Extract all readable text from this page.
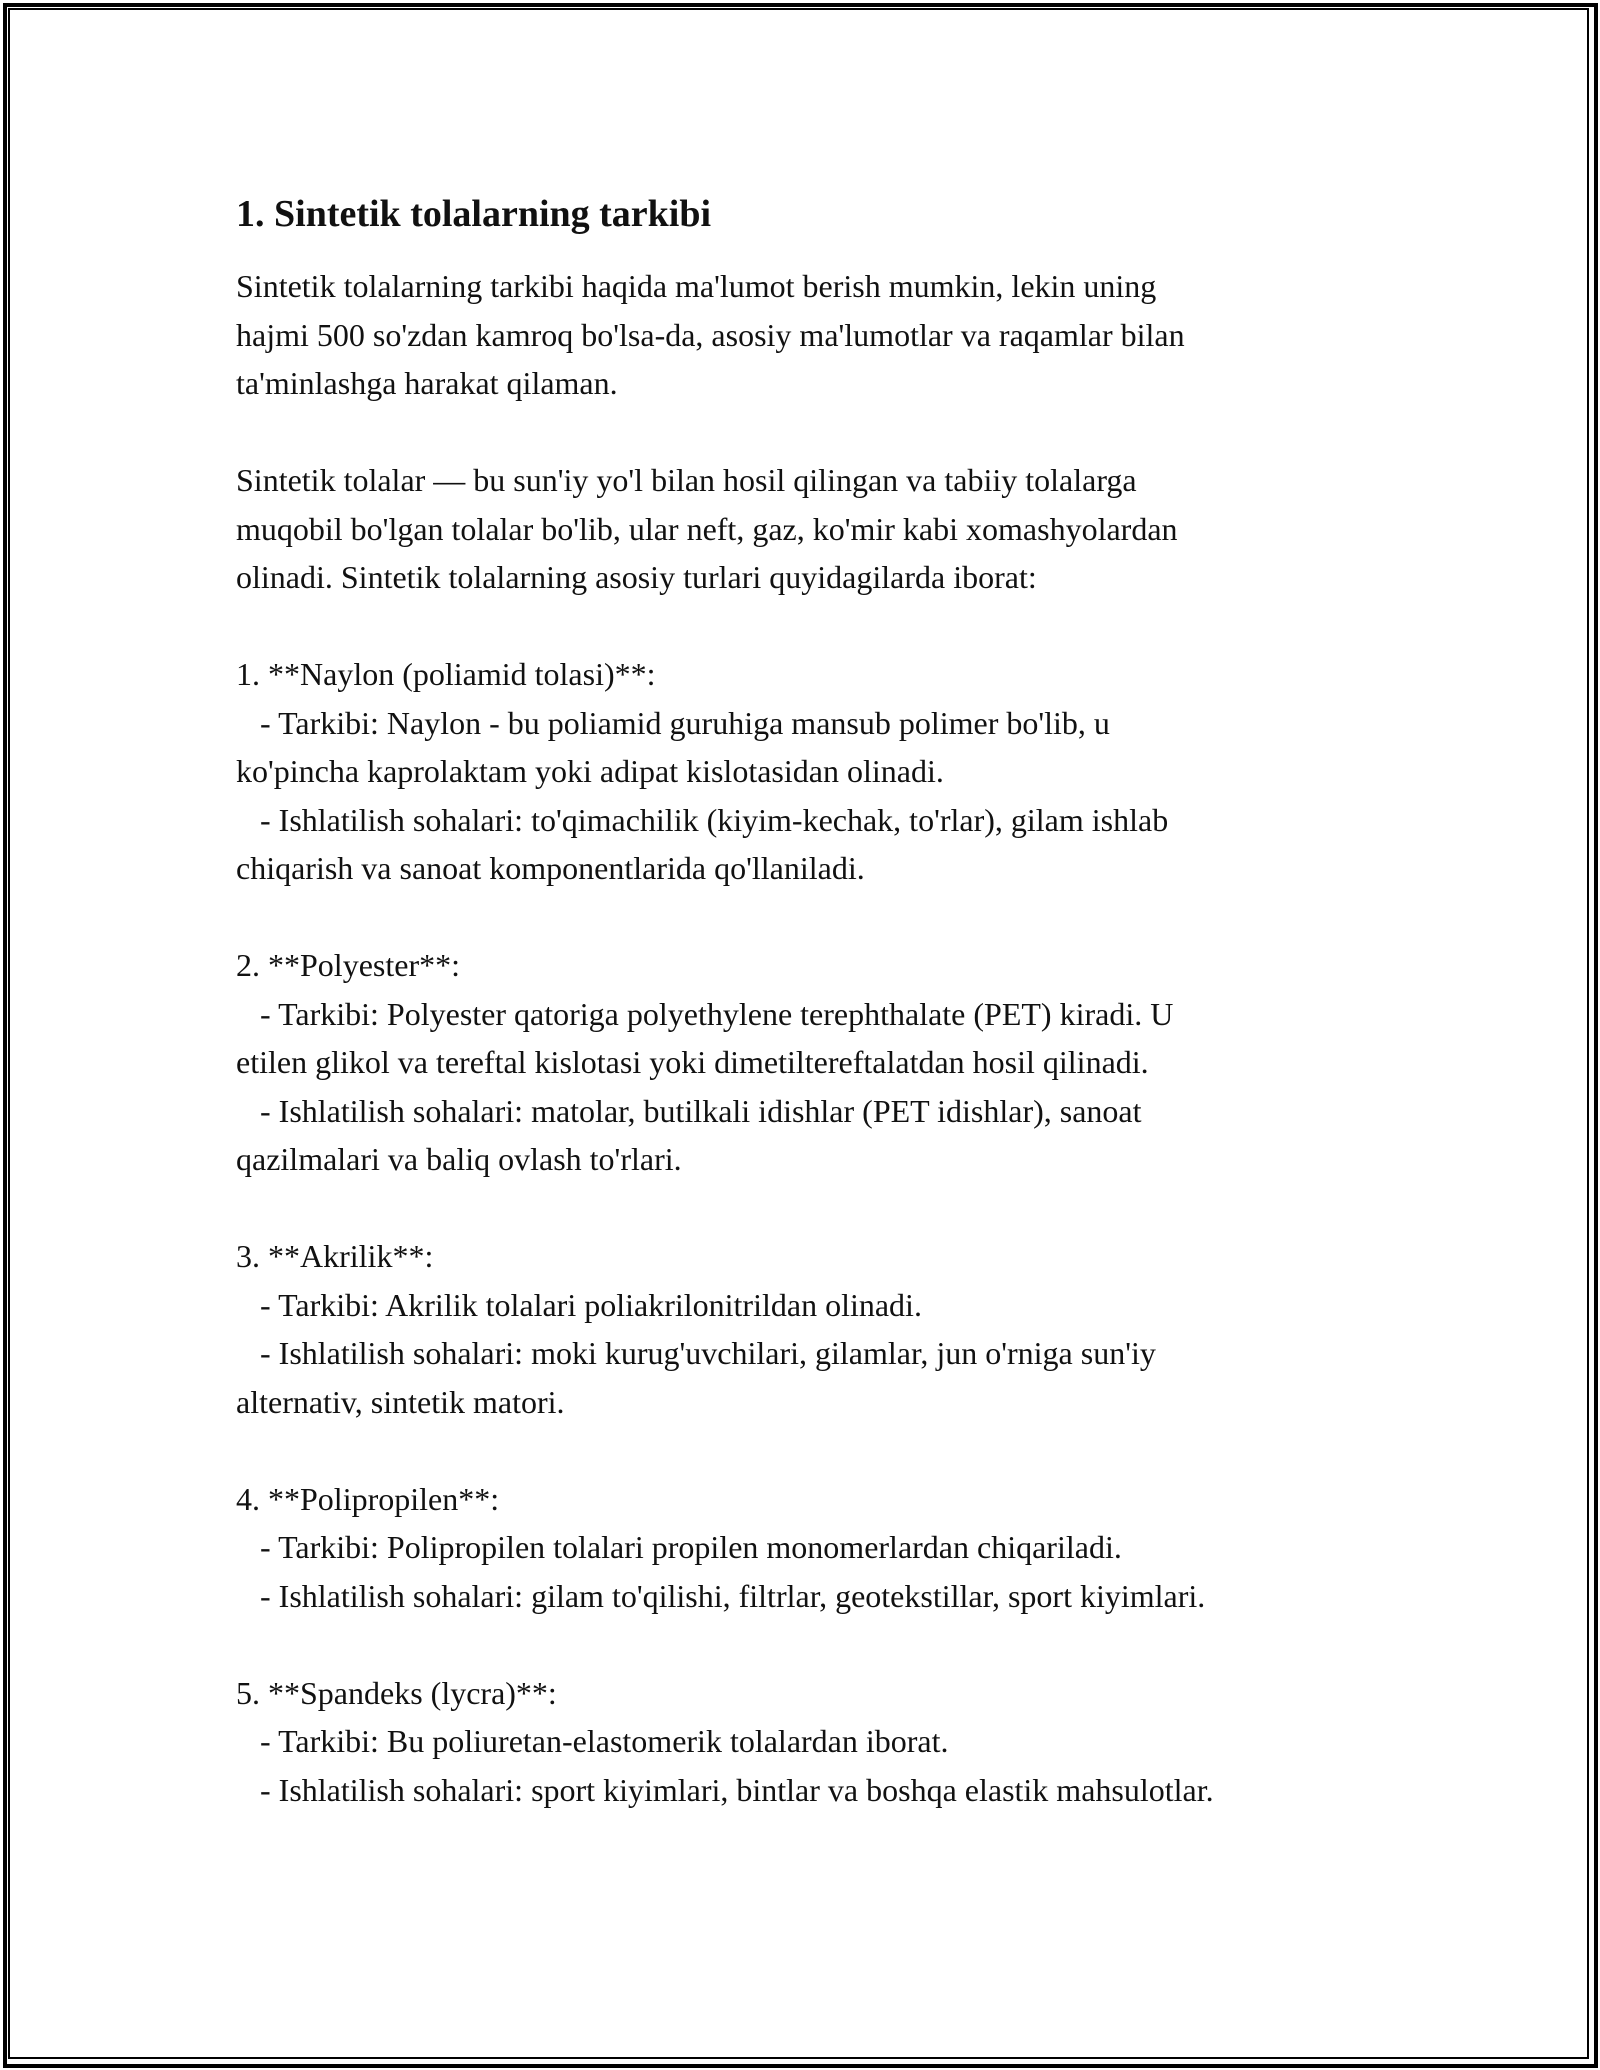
1. Sintetik tolalarning tarkibi
Sintetik tolalarning tarkibi haqida ma'lumot berish mumkin, lekin uning
hajmi 500 so'zdan kamroq bo'lsa-da, asosiy ma'lumotlar va raqamlar bilan
ta'minlashga harakat qilaman.

Sintetik tolalar — bu sun'iy yo'l bilan hosil qilingan va tabiiy tolalarga
muqobil bo'lgan tolalar bo'lib, ular neft, gaz, ko'mir kabi xomashyolardan
olinadi. Sintetik tolalarning asosiy turlari quyidagilarda iborat:

1. **Naylon (poliamid tolasi)**:
- Tarkibi: Naylon - bu poliamid guruhiga mansub polimer bo'lib, u
ko'pincha kaprolaktam yoki adipat kislotasidan olinadi.
- Ishlatilish sohalari: to'qimachilik (kiyim-kechak, to'rlar), gilam ishlab
chiqarish va sanoat komponentlarida qo'llaniladi.

2. **Polyester**:
- Tarkibi: Polyester qatoriga polyethylene terephthalate (PET) kiradi. U
etilen glikol va tereftal kislotasi yoki dimetiltereftalatdan hosil qilinadi.
- Ishlatilish sohalari: matolar, butilkali idishlar (PET idishlar), sanoat
qazilmalari va baliq ovlash to'rlari.

3. **Akrilik**:
- Tarkibi: Akrilik tolalari poliakrilonitrildan olinadi.
- Ishlatilish sohalari: moki kurug'uvchilari, gilamlar, jun o'rniga sun'iy
alternativ, sintetik matori.

4. **Polipropilen**:
- Tarkibi: Polipropilen tolalari propilen monomerlardan chiqariladi.
- Ishlatilish sohalari: gilam to'qilishi, filtrlar, geotekstillar, sport kiyimlari.

5. **Spandeks (lycra)**:
- Tarkibi: Bu poliuretan-elastomerik tolalardan iborat.
- Ishlatilish sohalari: sport kiyimlari, bintlar va boshqa elastik mahsulotlar.
